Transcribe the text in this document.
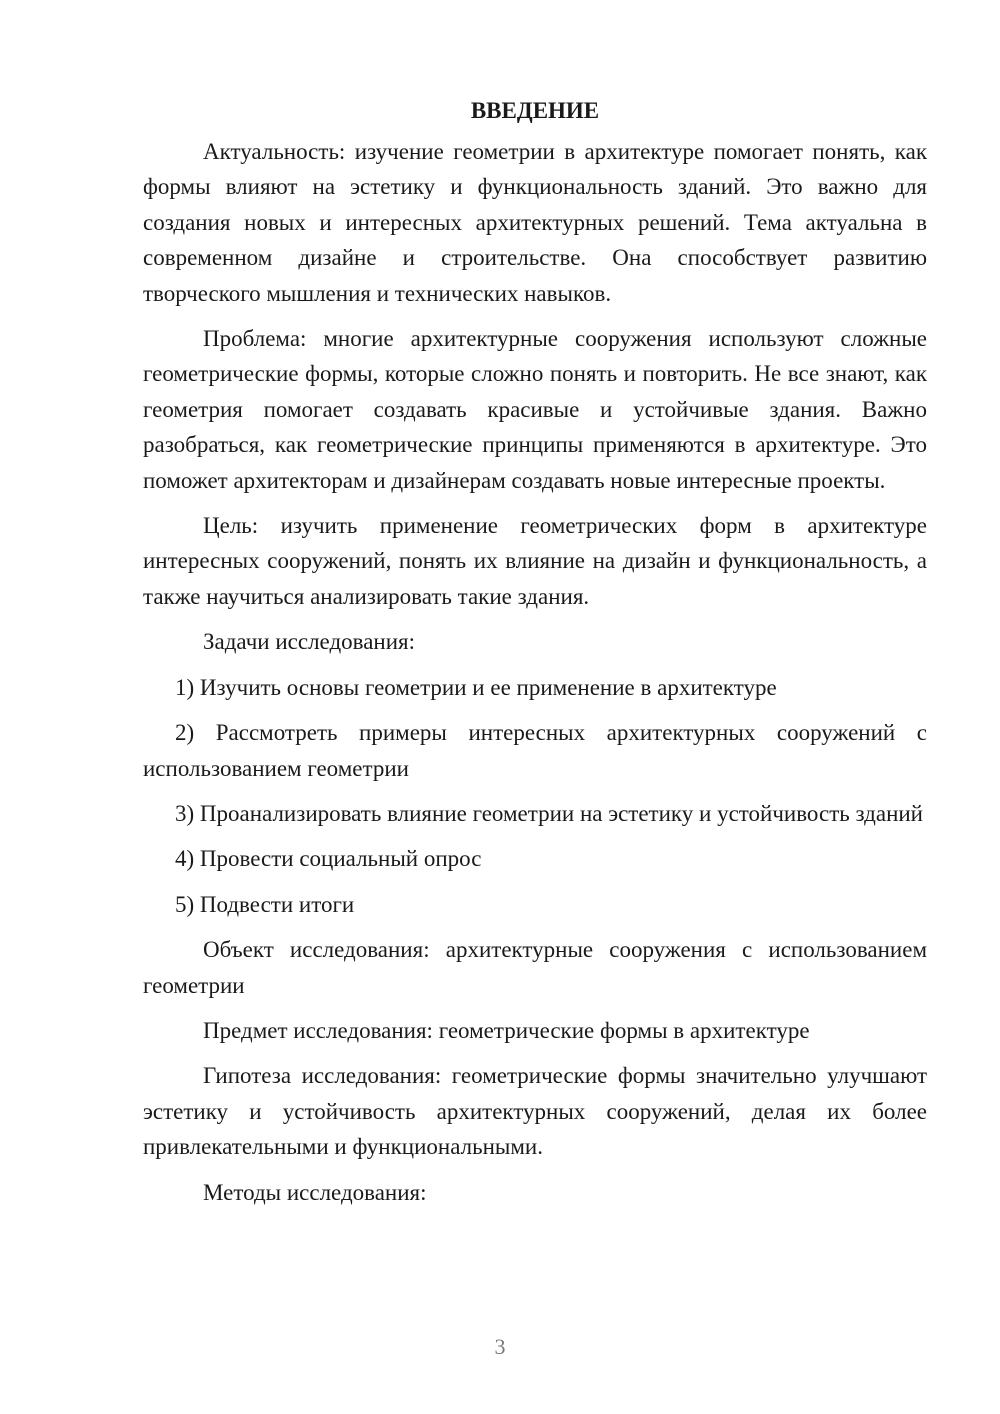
ВВЕДЕНИЕ

Актуальность: изучение геометрии в архитектуре помогает понять, как формы влияют на эстетику и функциональность зданий. Это важно для создания новых и интересных архитектурных решений. Тема актуальна в современном дизайне и строительстве. Она способствует развитию творческого мышления и технических навыков.

Проблема: многие архитектурные сооружения используют сложные геометрические формы, которые сложно понять и повторить. Не все знают, как геометрия помогает создавать красивые и устойчивые здания. Важно разобраться, как геометрические принципы применяются в архитектуре. Это поможет архитекторам и дизайнерам создавать новые интересные проекты.

Цель: изучить применение геометрических форм в архитектуре интересных сооружений, понять их влияние на дизайн и функциональность, а также научиться анализировать такие здания.

Задачи исследования:

1) Изучить основы геометрии и ее применение в архитектуре

2) Рассмотреть примеры интересных архитектурных сооружений с использованием геометрии

3) Проанализировать влияние геометрии на эстетику и устойчивость зданий

4) Провести социальный опрос

5) Подвести итоги

Объект исследования: архитектурные сооружения с использованием геометрии

Предмет исследования: геометрические формы в архитектуре

Гипотеза исследования: геометрические формы значительно улучшают эстетику и устойчивость архитектурных сооружений, делая их более привлекательными и функциональными.

Методы исследования:

3
